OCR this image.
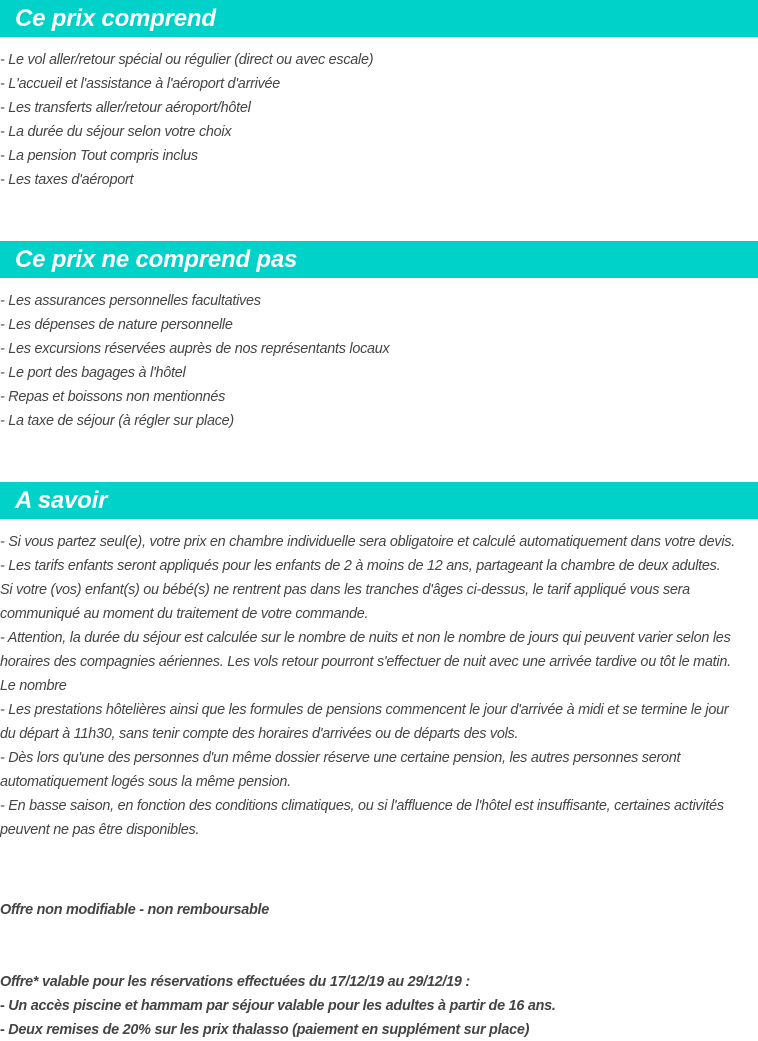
Ce prix comprend
- Le vol aller/retour spécial ou régulier (direct ou avec escale)
- L'accueil et l'assistance à l'aéroport d'arrivée
- Les transferts aller/retour aéroport/hôtel
- La durée du séjour selon votre choix
- La pension Tout compris inclus
- Les taxes d'aéroport
Ce prix ne comprend pas
- Les assurances personnelles facultatives
- Les dépenses de nature personnelle
- Les excursions réservées auprès de nos représentants locaux
- Le port des bagages à l'hôtel
- Repas et boissons non mentionnés
- La taxe de séjour (à régler sur place)
A savoir
- Si vous partez seul(e), votre prix en chambre individuelle sera obligatoire et calculé automatiquement dans votre devis.
- Les tarifs enfants seront appliqués pour les enfants de 2 à moins de 12 ans, partageant la chambre de deux adultes.
Si votre (vos) enfant(s) ou bébé(s) ne rentrent pas dans les tranches d'âges ci-dessus, le tarif appliqué vous sera
communiqué au moment du traitement de votre commande.
- Attention, la durée du séjour est calculée sur le nombre de nuits et non le nombre de jours qui peuvent varier selon les
horaires des compagnies aériennes. Les vols retour pourront s'effectuer de nuit avec une arrivée tardive ou tôt le matin.
Le nombre
- Les prestations hôtelières ainsi que les formules de pensions commencent le jour d'arrivée à midi et se termine le jour
du départ à 11h30, sans tenir compte des horaires d'arrivées ou de départs des vols.
- Dès lors qu'une des personnes d'un même dossier réserve une certaine pension, les autres personnes seront
automatiquement logés sous la même pension.
- En basse saison, en fonction des conditions climatiques, ou si l'affluence de l'hôtel est insuffisante, certaines activités
peuvent ne pas être disponibles.
Offre non modifiable - non remboursable
Offre* valable pour les réservations effectuées du 17/12/19 au 29/12/19 :
- Un accès piscine et hammam par séjour valable pour les adultes à partir de 16 ans.
- Deux remises de 20% sur les prix thalasso (paiement en supplément sur place)
